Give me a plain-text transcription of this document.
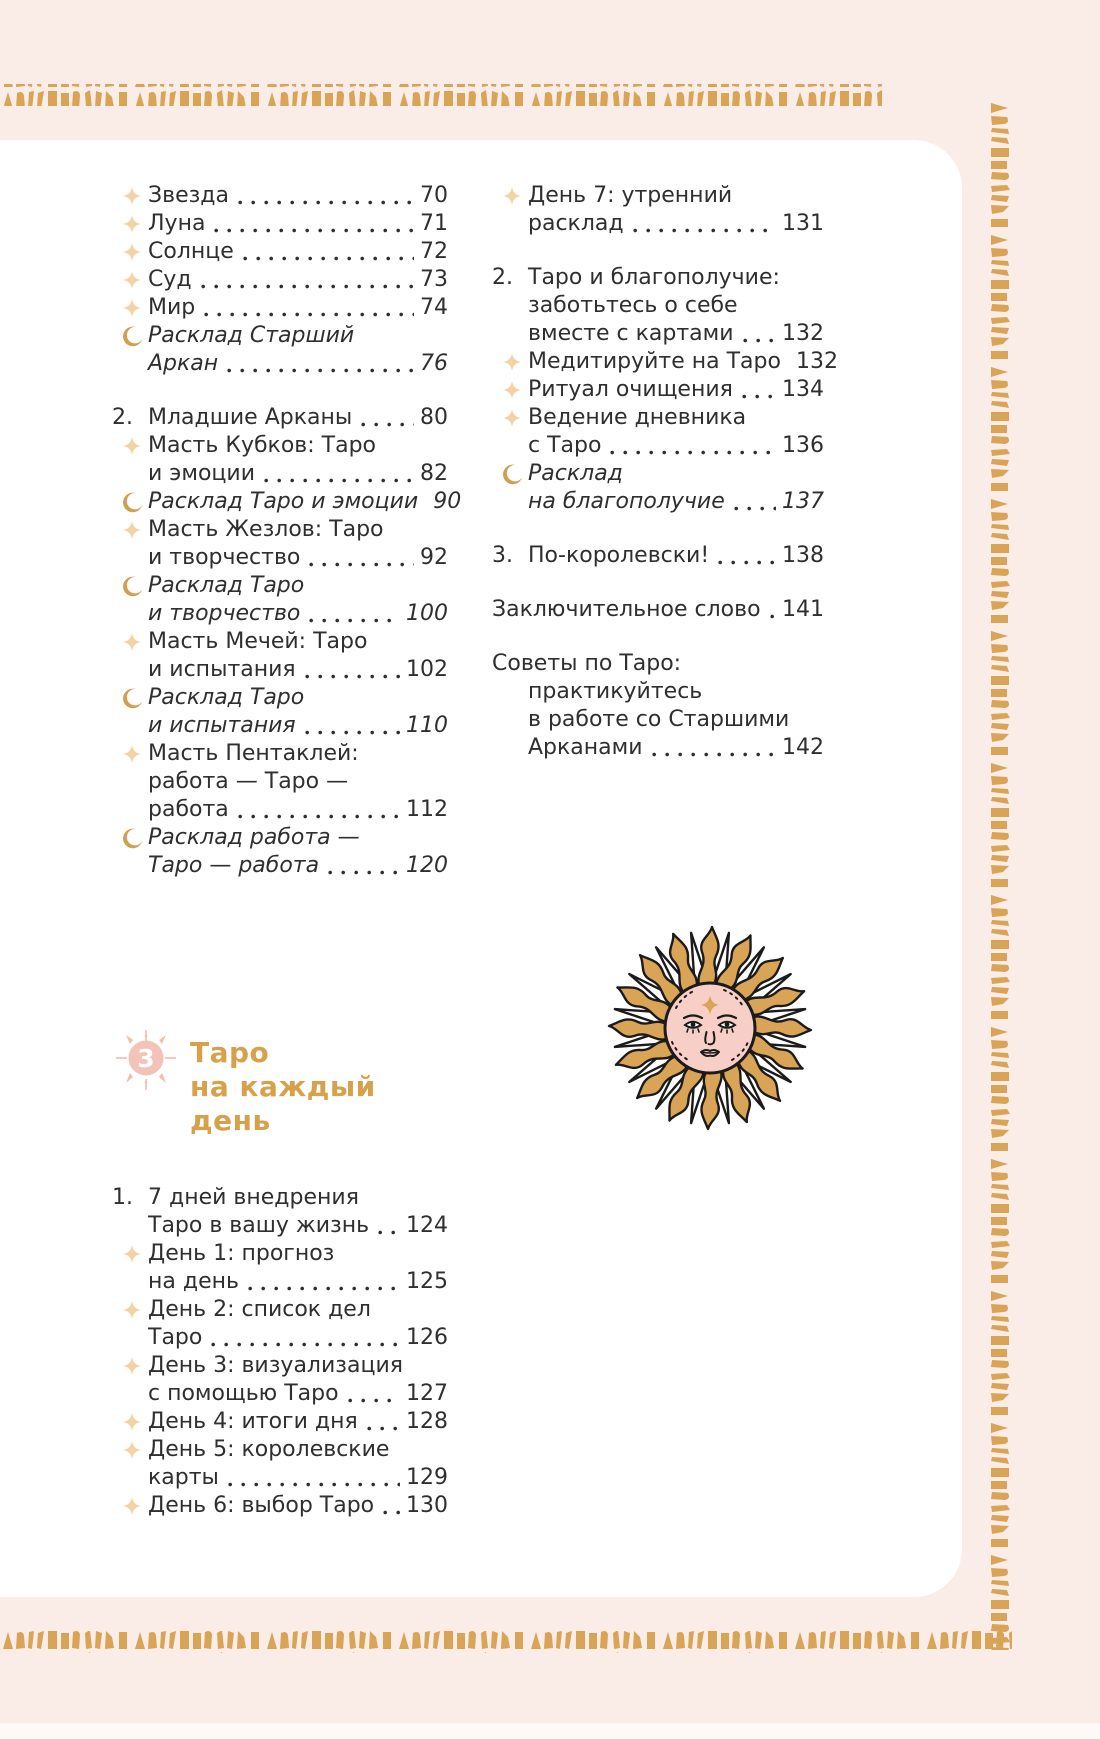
Звезда	70
Луна	71
Солнце	72
Суд	73
Мир	74
Расклад Старший
Аркан	76
2. Младшие Арканы	80
Масть Кубков: Таро
и эмоции	82
Расклад Таро и эмоции 90
Масть Жезлов: Таро
и творчество	92
Расклад Таро
и творчество	100
Масть Мечей: Таро
и испытания	102
Расклад Таро
и испытания	110
Масть Пентаклей:
работа — Таро —
работа	112
Расклад работа —
Таро — работа	120
3 Таро
на каждый день
1. 7 дней внедрения
Таро в вашу жизнь 124
День 1: прогноз
на день	125
День 2: список дел
Таро	126
День 3: визуализация
с помощью Таро	127
День 4: итоги дня 128
День 5: королевские
карты	129
День 6: выбор Таро 130
День 7: утренний
расклад	131
2. Таро и благополучие:
заботьтесь о себе
вместе с картами 132
Медитируйте на Таро 132
Ритуал очищения 134
Ведение дневника
с Таро	136
Расклад
на благополучие	137
3. По-королевски!	138
Заключительное слово 141
Советы по Таро:
практикуйтесь
в работе со Старшими
Арканами	142
